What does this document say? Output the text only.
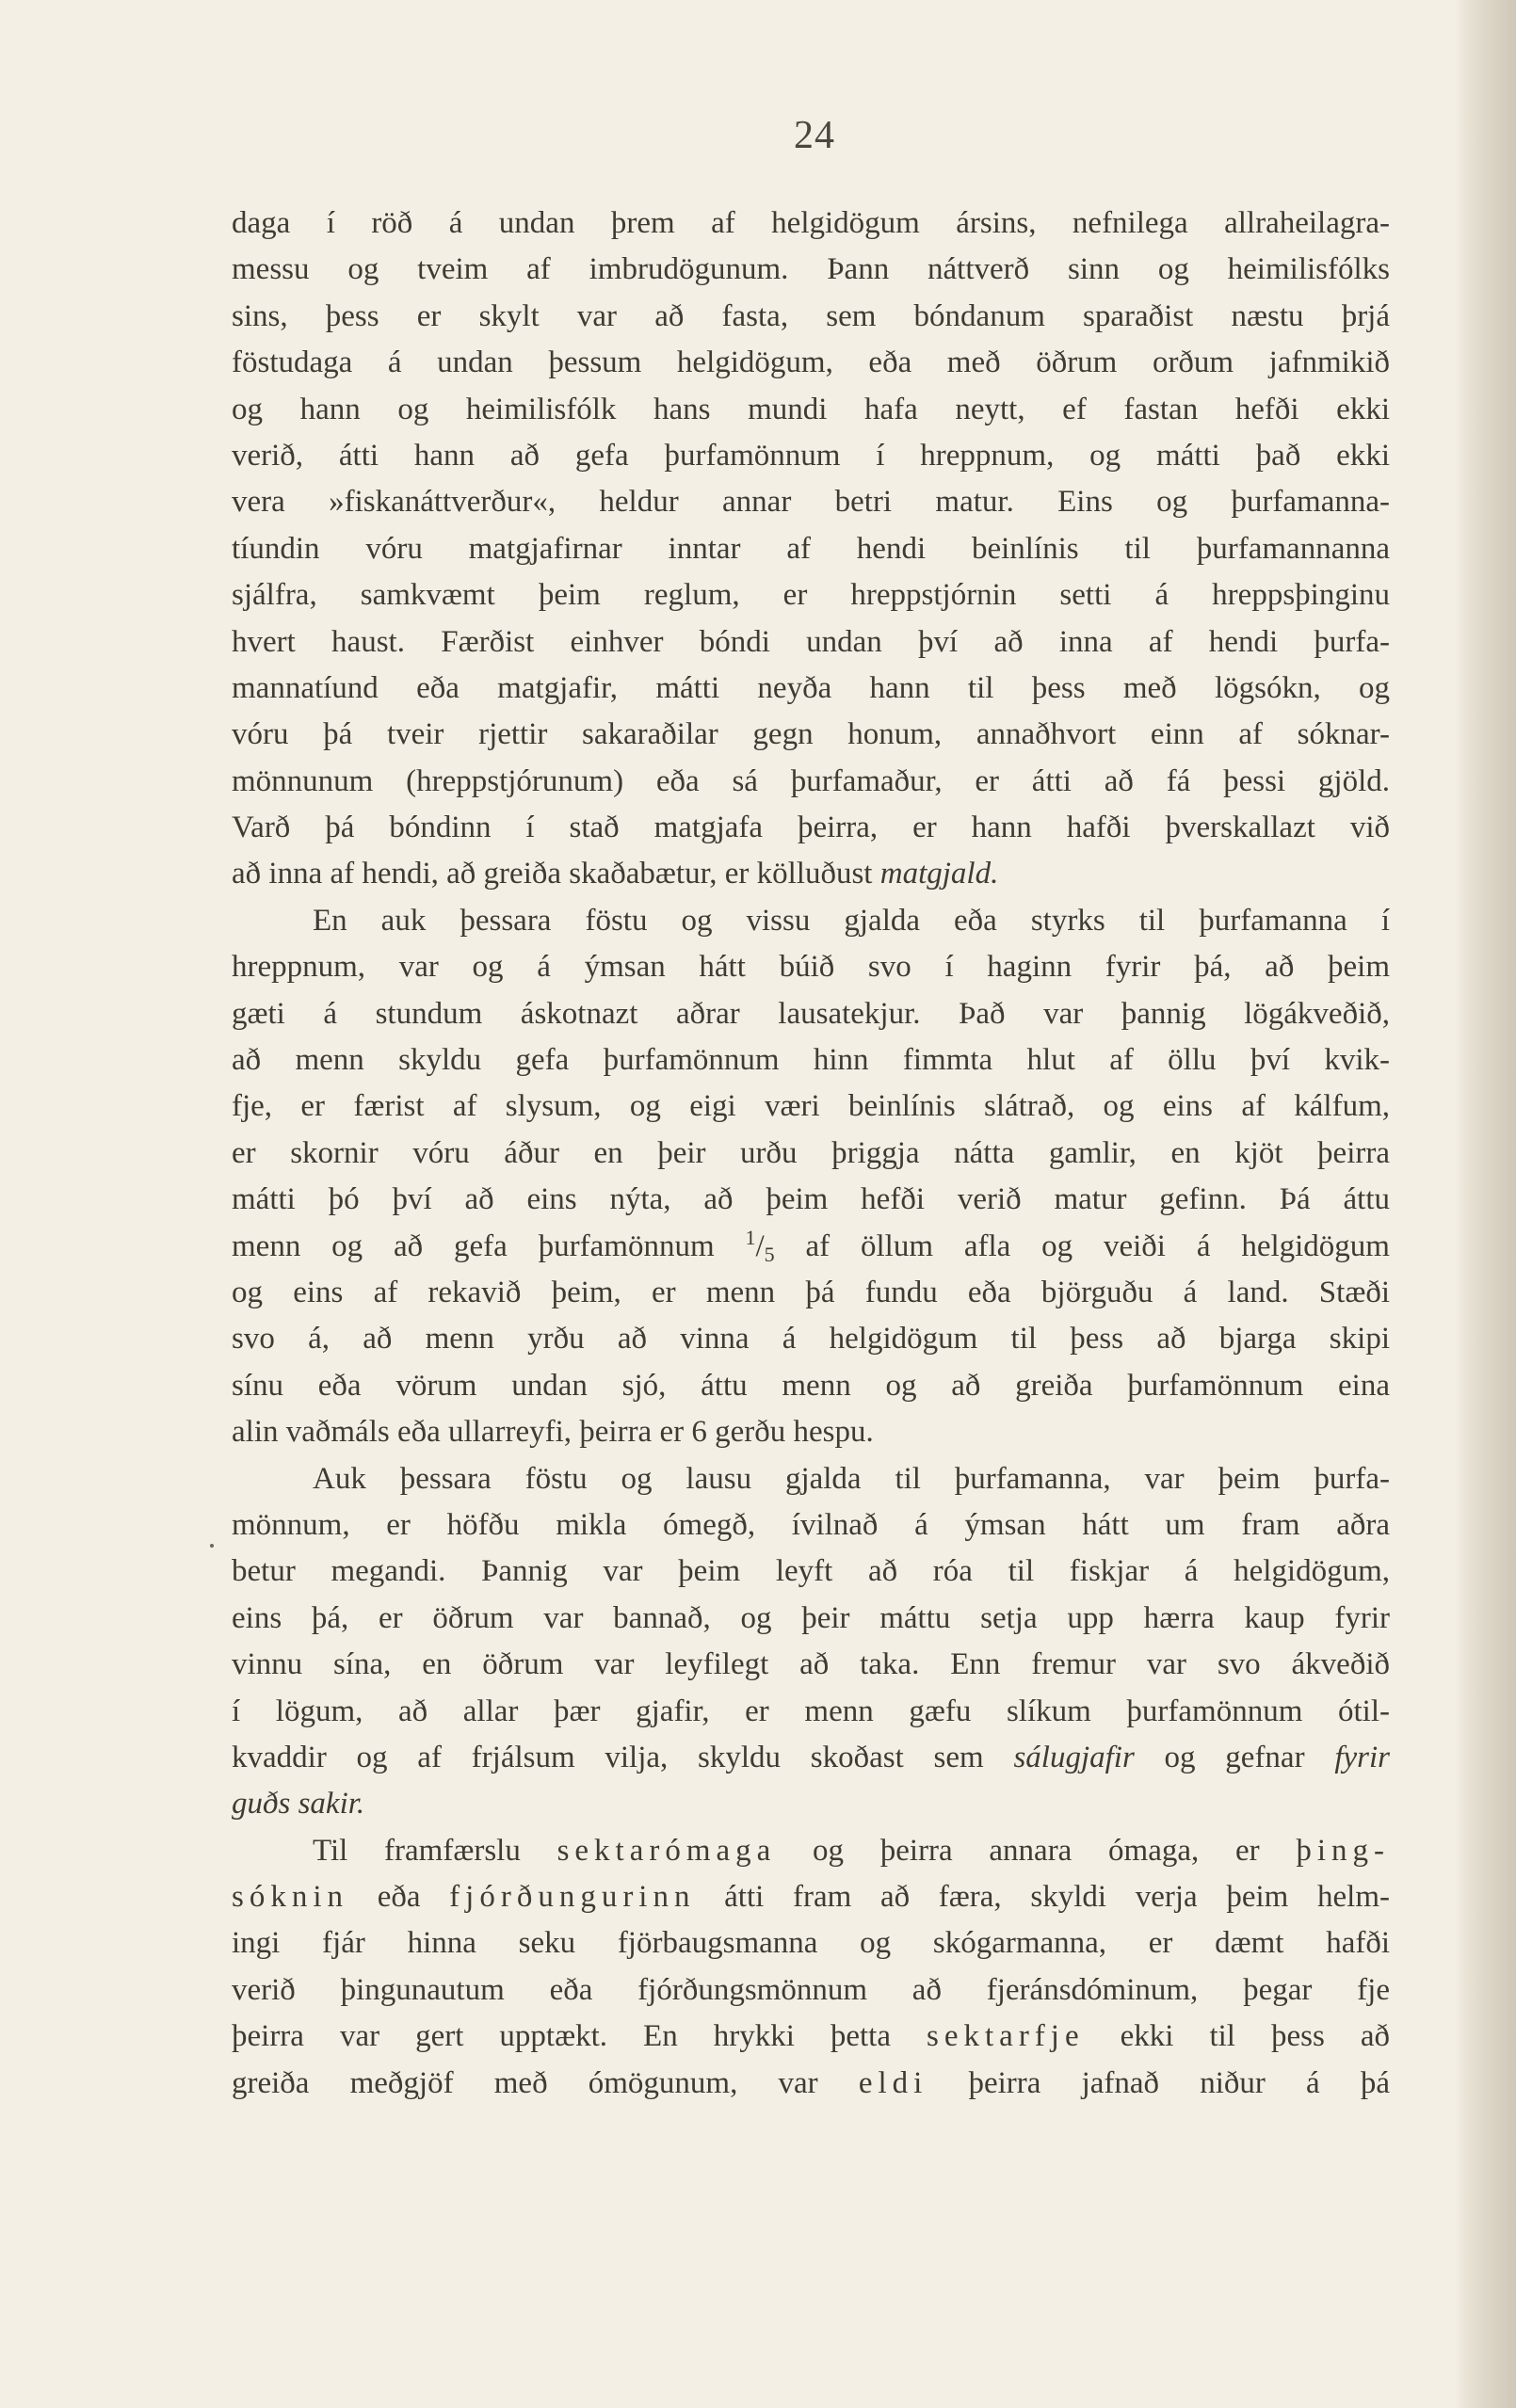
24
daga í röð á undan þrem af helgidögum ársins, nefnilega allraheilagra-
messu og tveim af imbrudögunum. Þann náttverð sinn og heimilisfólks
sins, þess er skylt var að fasta, sem bóndanum sparaðist næstu þrjá
föstudaga á undan þessum helgidögum, eða með öðrum orðum jafnmikið
og hann og heimilisfólk hans mundi hafa neytt, ef fastan hefði ekki
verið, átti hann að gefa þurfamönnum í hreppnum, og mátti það ekki
vera »fiskanáttverður«, heldur annar betri matur. Eins og þurfamanna-
tíundin vóru matgjafirnar inntar af hendi beinlínis til þurfamannanna
sjálfra, samkvæmt þeim reglum, er hreppstjórnin setti á hreppsþinginu
hvert haust. Færðist einhver bóndi undan því að inna af hendi þurfa-
mannatíund eða matgjafir, mátti neyða hann til þess með lögsókn, og
vóru þá tveir rjettir sakaraðilar gegn honum, annaðhvort einn af sóknar-
mönnunum (hreppstjórunum) eða sá þurfamaður, er átti að fá þessi gjöld.
Varð þá bóndinn í stað matgjafa þeirra, er hann hafði þverskallazt við
að inna af hendi, að greiða skaðabætur, er kölluðust matgjald.
En auk þessara föstu og vissu gjalda eða styrks til þurfamanna í
hreppnum, var og á ýmsan hátt búið svo í haginn fyrir þá, að þeim
gæti á stundum áskotnazt aðrar lausatekjur. Það var þannig lögákveðið,
að menn skyldu gefa þurfamönnum hinn fimmta hlut af öllu því kvik-
fje, er færist af slysum, og eigi væri beinlínis slátrað, og eins af kálfum,
er skornir vóru áður en þeir urðu þriggja nátta gamlir, en kjöt þeirra
mátti þó því að eins nýta, að þeim hefði verið matur gefinn. Þá áttu
menn og að gefa þurfamönnum $^1$/5 af öllum afla og veiði á helgidögum
og eins af rekavið þeim, er menn þá fundu eða björguðu á land. Stæði
svo á, að menn yrðu að vinna á helgidögum til þess að bjarga skipi
sínu eða vörum undan sjó, áttu menn og að greiða þurfamönnum eina
alin vaðmáls eða ullarreyfi, þeirra er 6 gerðu hespu.
Auk þessara föstu og lausu gjalda til þurfamanna, var þeim þurfa-
mönnum, er höfðu mikla ómegð, ívilnað á ýmsan hátt um fram aðra
betur megandi. Þannig var þeim leyft að róa til fiskjar á helgidögum,
eins þá, er öðrum var bannað, og þeir máttu setja upp hærra kaup fyrir
vinnu sína, en öðrum var leyfilegt að taka. Enn fremur var svo ákveðið
í lögum, að allar þær gjafir, er menn gæfu slíkum þurfamönnum ótil-
kvaddir og af frjálsum vilja, skyldu skoðast sem sálugjafir og gefnar fyrir
guðs sakir.
Til framfærslu sektarómaga og þeirra annara ómaga, er þing-
sóknin eða fjórðungurinn átti fram að færa, skyldi verja þeim helm-
ingi fjár hinna seku fjörbaugsmanna og skógarmanna, er dæmt hafði
verið þingunautum eða fjórðungsmönnum að fjeránsdóminum, þegar fje
þeirra var gert upptækt. En hrykki þetta sektarfje ekki til þess að
greiða meðgjöf með ómögunum, var eldi þeirra jafnað niður á þá
